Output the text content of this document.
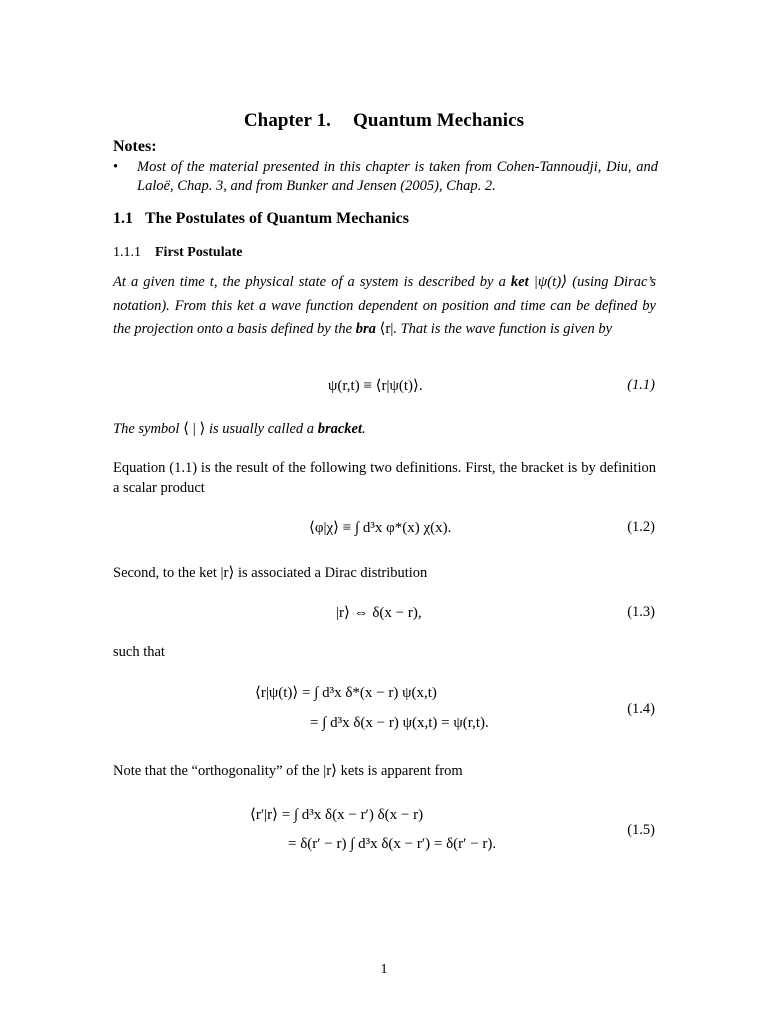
Chapter 1. Quantum Mechanics
Notes:
•	Most of the material presented in this chapter is taken from Cohen-Tannoudji, Diu, and Laloë, Chap. 3, and from Bunker and Jensen (2005), Chap. 2.
1.1 The Postulates of Quantum Mechanics
1.1.1 First Postulate
At a given time t, the physical state of a system is described by a ket |ψ(t)⟩ (using Dirac’s notation). From this ket a wave function dependent on position and time can be defined by the projection onto a basis defined by the bra ⟨r|. That is the wave function is given by
ψ(r,t) ≡ ⟨r|ψ(t)⟩.	(1.1)
The symbol ⟨ | ⟩ is usually called a bracket.
Equation (1.1) is the result of the following two definitions. First, the bracket is by definition a scalar product
⟨φ|χ⟩ ≡ ∫ d³x φ*(x) χ(x).	(1.2)
Second, to the ket |r⟩ is associated a Dirac distribution
|r⟩ ⇔ δ(x − r),	(1.3)
such that
⟨r|ψ(t)⟩ = ∫ d³x δ*(x − r) ψ(x,t)
= ∫ d³x δ(x − r) ψ(x,t) = ψ(r,t).
(1.4)
Note that the “orthogonality” of the |r⟩ kets is apparent from
⟨r′|r⟩ = ∫ d³x δ(x − r′) δ(x − r)
= δ(r′ − r) ∫ d³x δ(x − r′) = δ(r′ − r).
(1.5)
1
